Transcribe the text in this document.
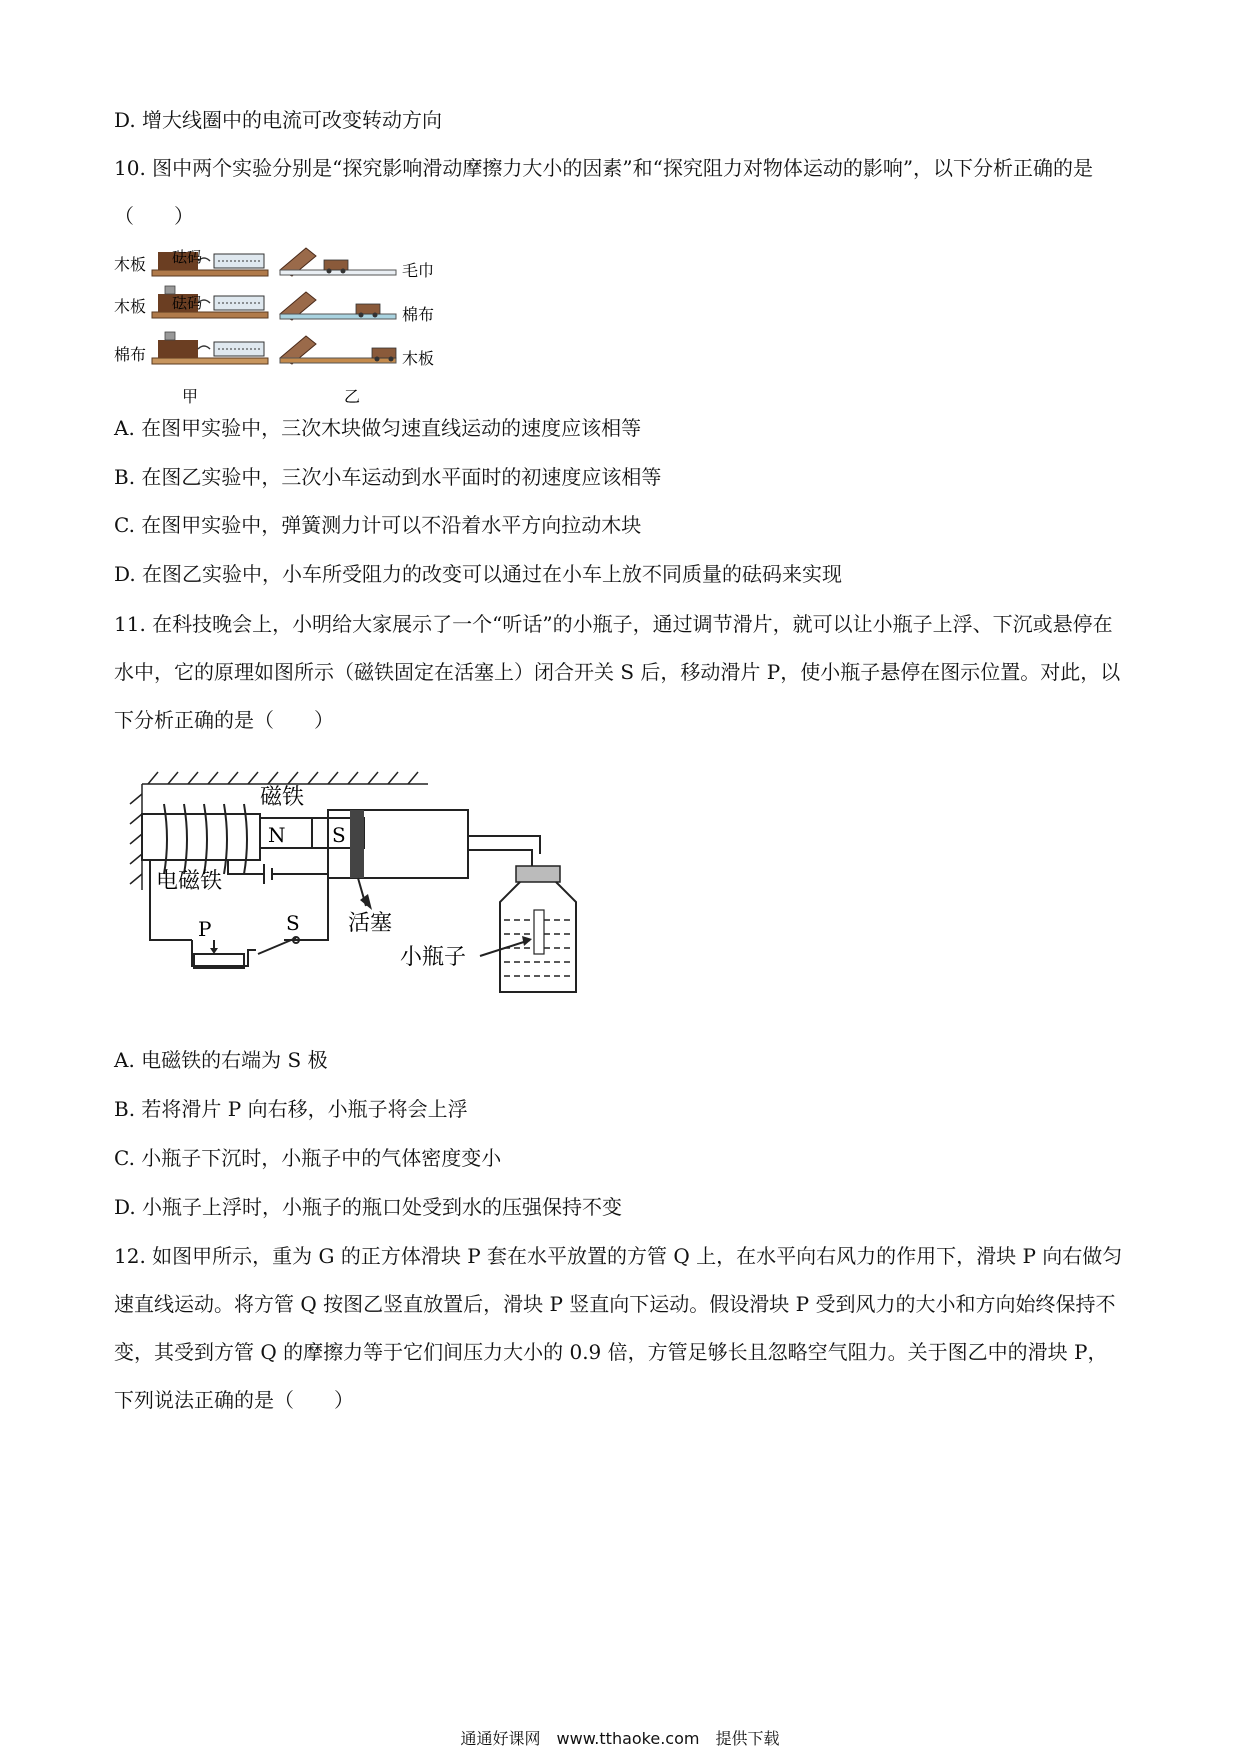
D. 增大线圈中的电流可改变转动方向
10. 图中两个实验分别是“探究影响滑动摩擦力大小的因素”和“探究阻力对物体运动的影响”，以下分析正确的是（　　）
木板
木板
砝码
棉布
砝码
甲
毛巾
棉布
木板
乙
A. 在图甲实验中，三次木块做匀速直线运动的速度应该相等
B. 在图乙实验中，三次小车运动到水平面时的初速度应该相等
C. 在图甲实验中，弹簧测力计可以不沿着水平方向拉动木块
D. 在图乙实验中，小车所受阻力的改变可以通过在小车上放不同质量的砝码来实现
11. 在科技晚会上，小明给大家展示了一个“听话”的小瓶子，通过调节滑片，就可以让小瓶子上浮、下沉或悬停在水中，它的原理如图所示（磁铁固定在活塞上）闭合开关 S 后，移动滑片 P，使小瓶子悬停在图示位置。对此，以下分析正确的是（　　）
电磁铁
磁铁
N S
活塞
小瓶子
P	S
A. 电磁铁的右端为 S 极
B. 若将滑片 P 向右移，小瓶子将会上浮
C. 小瓶子下沉时，小瓶子中的气体密度变小
D. 小瓶子上浮时，小瓶子的瓶口处受到水的压强保持不变
12. 如图甲所示，重为 G 的正方体滑块 P 套在水平放置的方管 Q 上，在水平向右风力的作用下，滑块 P 向右做匀速直线运动。将方管 Q 按图乙竖直放置后，滑块 P 竖直向下运动。假设滑块 P 受到风力的大小和方向始终保持不变，其受到方管 Q 的摩擦力等于它们间压力大小的 0.9 倍，方管足够长且忽略空气阻力。关于图乙中的滑块 P，下列说法正确的是（　　）
通通好课网　www.tthaoke.com　提供下载
